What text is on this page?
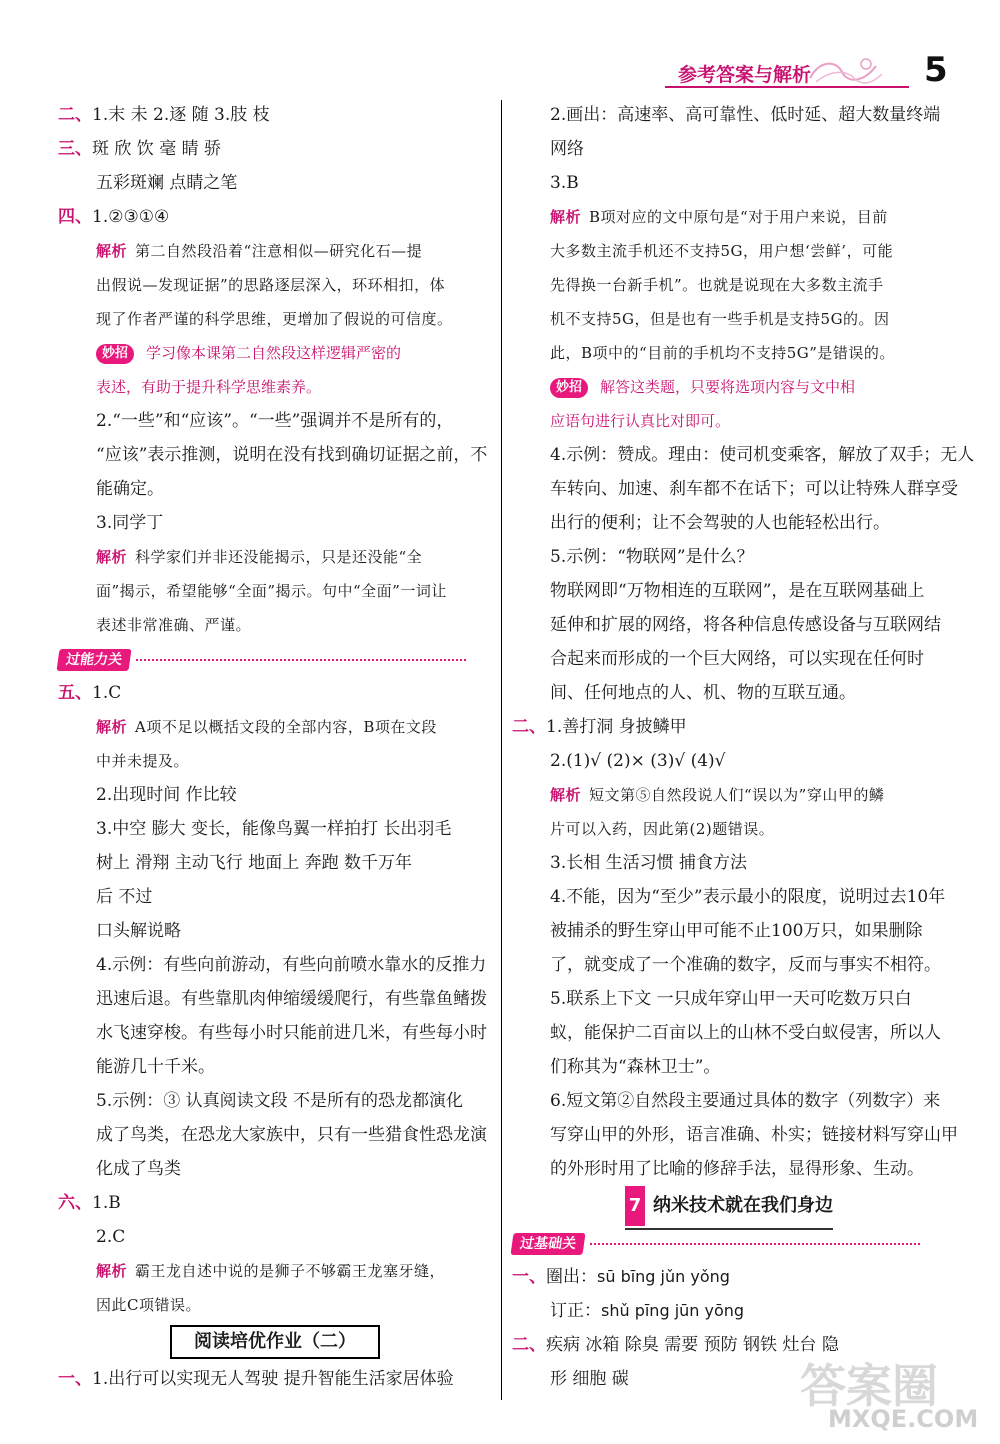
参考答案与解析	5
二、1.末 未 2.逐 随 3.肢 枝
三、斑 欣 饮 毫 睛 骄
五彩斑斓 点睛之笔
四、1.②③①④
解析 第二自然段沿着“注意相似—研究化石—提
出假说—发现证据”的思路逐层深入，环环相扣，体
现了作者严谨的科学思维，更增加了假说的可信度。
妙招 学习像本课第二自然段这样逻辑严密的
表述，有助于提升科学思维素养。
2.“一些”和“应该”。“一些”强调并不是所有的，
“应该”表示推测，说明在没有找到确切证据之前，不
能确定。
3.同学丁
解析 科学家们并非还没能揭示，只是还没能“全
面”揭示，希望能够“全面”揭示。句中“全面”一词让
表述非常准确、严谨。
过能力关
五、1.C
解析 A项不足以概括文段的全部内容，B项在文段
中并未提及。
2.出现时间 作比较
3.中空 膨大 变长，能像鸟翼一样拍打 长出羽毛
树上 滑翔 主动飞行 地面上 奔跑 数千万年
后 不过
口头解说略
4.示例：有些向前游动，有些向前喷水靠水的反推力
迅速后退。有些靠肌肉伸缩缓缓爬行，有些靠鱼鳍拨
水飞速穿梭。有些每小时只能前进几米，有些每小时
能游几十千米。
5.示例：③ 认真阅读文段 不是所有的恐龙都演化
成了鸟类，在恐龙大家族中，只有一些猎食性恐龙演
化成了鸟类
六、1.B
2.C
解析 霸王龙自述中说的是狮子不够霸王龙塞牙缝，
因此C项错误。
阅读培优作业（二）
一、1.出行可以实现无人驾驶 提升智能生活家居体验
2.画出：高速率、高可靠性、低时延、超大数量终端
网络
3.B
解析 B项对应的文中原句是“对于用户来说，目前
大多数主流手机还不支持5G，用户想‘尝鲜’，可能
先得换一台新手机”。也就是说现在大多数主流手
机不支持5G，但是也有一些手机是支持5G的。因
此，B项中的“目前的手机均不支持5G”是错误的。
妙招 解答这类题，只要将选项内容与文中相
应语句进行认真比对即可。
4.示例：赞成。理由：使司机变乘客，解放了双手；无人
车转向、加速、刹车都不在话下；可以让特殊人群享受
出行的便利；让不会驾驶的人也能轻松出行。
5.示例：“物联网”是什么？
物联网即“万物相连的互联网”，是在互联网基础上
延伸和扩展的网络，将各种信息传感设备与互联网结
合起来而形成的一个巨大网络，可以实现在任何时
间、任何地点的人、机、物的互联互通。
二、1.善打洞 身披鳞甲
2.(1)√ (2)× (3)√ (4)√
解析 短文第⑤自然段说人们“误以为”穿山甲的鳞
片可以入药，因此第(2)题错误。
3.长相 生活习惯 捕食方法
4.不能，因为“至少”表示最小的限度，说明过去10年
被捕杀的野生穿山甲可能不止100万只，如果删除
了，就变成了一个准确的数字，反而与事实不相符。
5.联系上下文 一只成年穿山甲一天可吃数万只白
蚁，能保护二百亩以上的山林不受白蚁侵害，所以人
们称其为“森林卫士”。
6.短文第②自然段主要通过具体的数字（列数字）来
写穿山甲的外形，语言准确、朴实；链接材料写穿山甲
的外形时用了比喻的修辞手法，显得形象、生动。
7 纳米技术就在我们身边
过基础关
一、圈出：sū bīng jǔn yǒng
订正：shǔ pīng jūn yōng
二、疾病 冰箱 除臭 需要 预防 钢铁 灶台 隐
形 细胞 碳	答案圈
MXQE.COM
